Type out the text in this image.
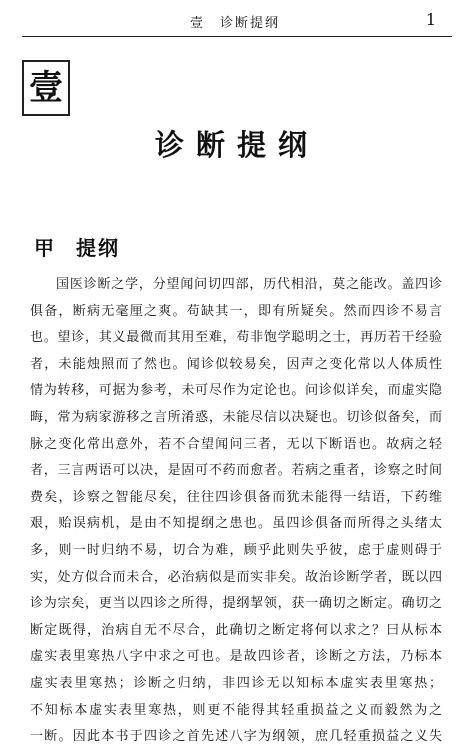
壹　诊断提纲	1
壹
诊断提纲
甲 提纲
国医诊断之学，分望闻问切四部，历代相沿，莫之能改。盖四诊
俱备，断病无毫厘之爽。苟缺其一，即有所疑矣。然而四诊不易言
也。望诊，其义最微而其用至难，苟非饱学聪明之士，再历若干经验
者，未能烛照而了然也。闻诊似较易矣，因声之变化常以人体质性
情为转移，可据为参考，未可尽作为定论也。问诊似详矣，而虚实隐
晦，常为病家游移之言所淆惑，未能尽信以决疑也。切诊似备矣，而
脉之变化常出意外，若不合望闻问三者，无以下断语也。故病之轻
者，三言两语可以决，是固可不药而愈者。若病之重者，诊察之时间
费矣，诊察之智能尽矣，往往四诊俱备而犹未能得一结语，下药维
艰，贻误病机，是由不知提纲之患也。虽四诊俱备而所得之头绪太
多，则一时归纳不易，切合为难，顾乎此则失乎彼，虑于虚则碍于
实，处方似合而未合，必治病似是而实非矣。故治诊断学者，既以四
诊为宗矣，更当以四诊之所得，提纲挈领，获一确切之断定。确切之
断定既得，治病自无不尽合，此确切之断定将何以求之？曰从标本
虚实表里寒热八字中求之可也。是故四诊者，诊断之方法，乃标本
虚实表里寒热；诊断之归纳，非四诊无以知标本虚实表里寒热；
不知标本虚实表里寒热，则更不能得其轻重损益之义而毅然为之
一断。因此本书于四诊之首先述八字为纲领，庶几轻重损益之义失
